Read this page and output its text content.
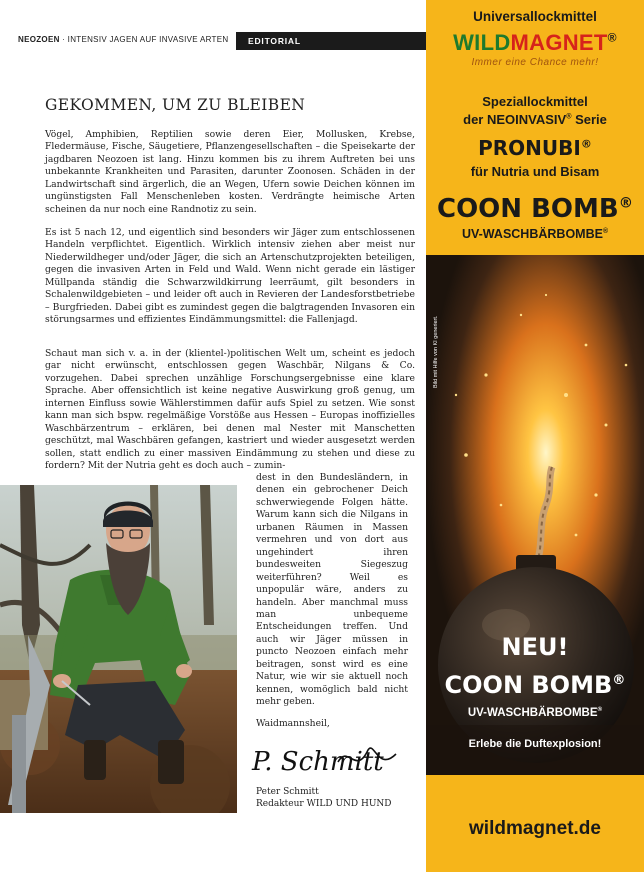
NEOZOEN · INTENSIV JAGEN AUF INVASIVE ARTEN EDITORIAL
GEKOMMEN, UM ZU BLEIBEN

Vögel, Amphibien, Reptilien sowie deren Eier, Mollusken, Krebse, Fledermäuse, Fische, Säugetiere, Pflanzengesellschaften – die Speisekarte der jagdbaren Neozoen ist lang. Hinzu kommen bis zu ihrem Auftreten bei uns unbekannte Krankheiten und Parasiten, darunter Zoonosen. Schäden in der Landwirtschaft sind ärgerlich, die an Wegen, Ufern sowie Deichen können im ungünstigsten Fall Menschenleben kosten. Verdrängte heimische Arten scheinen da nur noch eine Randnotiz zu sein.

Es ist 5 nach 12, und eigentlich sind besonders wir Jäger zum entschlossenen Handeln verpflichtet. Eigentlich. Wirklich intensiv ziehen aber meist nur Niederwildheger und/oder Jäger, die sich an Artenschutzprojekten beteiligen, gegen die invasiven Arten in Feld und Wald. Wenn nicht gerade ein lästiger Müllpanda ständig die Schwarzwildkirrung leerräumt, gilt besonders in Schalenwildgebieten – und leider oft auch in Revieren der Landesforstbetriebe – Burgfrieden. Dabei gibt es zumindest gegen die balgtragenden Invasoren ein störungsarmes und effizientes Eindämmungsmittel: die Fallenjagd.

Schaut man sich v. a. in der (klientel-)politischen Welt um, scheint es jedoch gar nicht erwünscht, entschlossen gegen Waschbär, Nilgans & Co. vorzugehen. Dabei sprechen unzählige Forschungsergebnisse eine klare Sprache. Aber offensichtlich ist keine negative Auswirkung groß genug, um internen Einfluss sowie Wählerstimmen dafür aufs Spiel zu setzen. Wie sonst kann man sich bspw. regelmäßige Vorstöße aus Hessen – Europas inoffizielles Waschbärzentrum – erklären, bei denen mal Nester mit Manschetten geschützt, mal Waschbären gefangen, kastriert und wieder ausgesetzt werden sollen, statt endlich zu einer massiven Eindämmung zu stehen und diese zu fordern? Mit der Nutria geht es doch auch – zumin-

dest in den Bundesländern, in denen ein gebrochener Deich schwerwiegende Folgen hätte. Warum kann sich die Nilgans in urbanen Räumen in Massen vermehren und von dort aus ungehindert ihren bundesweiten Siegeszug weiterführen? Weil es unpopulär wäre, anders zu handeln. Aber manchmal muss man unbequeme Entscheidungen treffen. Und auch wir Jäger müssen in puncto Neozoen einfach mehr beitragen, sonst wird es eine Natur, wie wir sie aktuell noch kennen, womöglich bald nicht mehr geben.

Waidmannsheil,
P. Schmitt
Peter Schmitt
Redakteur WILD UND HUND
Universallockmittel
WILDMAGNET®
Immer eine Chance mehr!
Speziallockmittel
der NEOINVASIV® Serie
PRONUBI®
für Nutria und Bisam
COON BOMB®
UV-WASCHBÄRBOMBE®
NEU!
COON BOMB®
UV-WASCHBÄRBOMBE®
Erlebe die Duftexplosion!
wildmagnet.de
Bild mit Hilfe von KI generiert.
